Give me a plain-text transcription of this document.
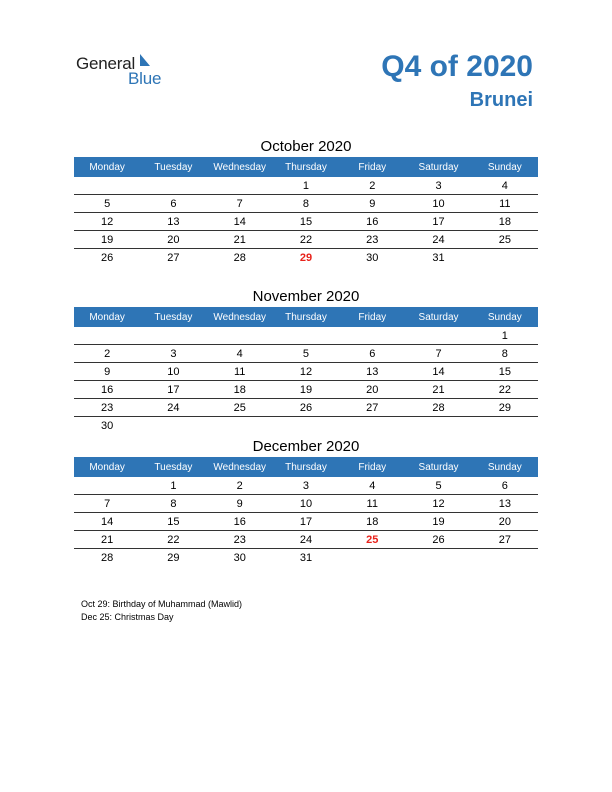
General
Blue	Q4 of 2020
Brunei
October 2020
Monday	Tuesday	Wednesday	Thursday	Friday	Saturday	Sunday
			1	2	3	4
5	6	7	8	9	10	11
12	13	14	15	16	17	18
19	20	21	22	23	24	25
26	27	28	29	30	31	
November 2020
Monday	Tuesday	Wednesday	Thursday	Friday	Saturday	Sunday
						1
2	3	4	5	6	7	8
9	10	11	12	13	14	15
16	17	18	19	20	21	22
23	24	25	26	27	28	29
30						
December 2020
Monday	Tuesday	Wednesday	Thursday	Friday	Saturday	Sunday
	1	2	3	4	5	6
7	8	9	10	11	12	13
14	15	16	17	18	19	20
21	22	23	24	25	26	27
28	29	30	31			
Oct 29: Birthday of Muhammad (Mawlid)
Dec 25: Christmas Day
